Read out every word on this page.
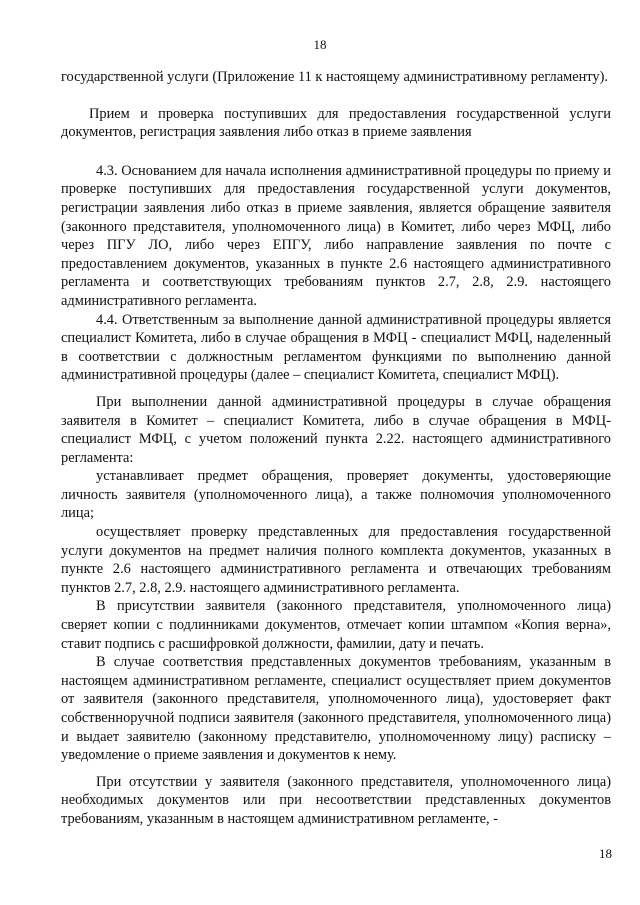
18

государственной услуги (Приложение 11 к настоящему административному регламенту).

Прием и проверка поступивших для предоставления государственной услуги документов, регистрация заявления либо отказ в приеме заявления

4.3. Основанием для начала исполнения административной процедуры по приему и проверке поступивших для предоставления государственной услуги документов, регистрации заявления либо отказ в приеме заявления, является обращение заявителя (законного представителя, уполномоченного лица) в Комитет, либо через МФЦ, либо через ПГУ ЛО, либо через ЕПГУ, либо направление заявления по почте с предоставлением документов, указанных в пункте 2.6 настоящего административного регламента и соответствующих требованиям пунктов 2.7, 2.8, 2.9. настоящего административного регламента.

4.4. Ответственным за выполнение данной административной процедуры является специалист Комитета, либо в случае обращения в МФЦ - специалист МФЦ, наделенный в соответствии с должностным регламентом функциями по выполнению данной административной процедуры (далее – специалист Комитета, специалист МФЦ).

При выполнении данной административной процедуры в случае обращения заявителя в Комитет – специалист Комитета, либо в случае обращения в МФЦ-специалист МФЦ, с учетом положений пункта 2.22. настоящего административного регламента:

устанавливает предмет обращения, проверяет документы, удостоверяющие личность заявителя (уполномоченного лица), а также полномочия уполномоченного лица;

осуществляет проверку представленных для предоставления государственной услуги документов на предмет наличия полного комплекта документов, указанных в пункте 2.6 настоящего административного регламента и отвечающих требованиям пунктов 2.7, 2.8, 2.9. настоящего административного регламента.

В присутствии заявителя (законного представителя, уполномоченного лица) сверяет копии с подлинниками документов, отмечает копии штампом «Копия верна», ставит подпись с расшифровкой должности, фамилии, дату и печать.

В случае соответствия представленных документов требованиям, указанным в настоящем административном регламенте, специалист осуществляет прием документов от заявителя (законного представителя, уполномоченного лица), удостоверяет факт собственноручной подписи заявителя (законного представителя, уполномоченного лица) и выдает заявителю (законному представителю, уполномоченному лицу) расписку – уведомление о приеме заявления и документов к нему.

При отсутствии у заявителя (законного представителя, уполномоченного лица) необходимых документов или при несоответствии представленных документов требованиям, указанным в настоящем административном регламенте, -

18
